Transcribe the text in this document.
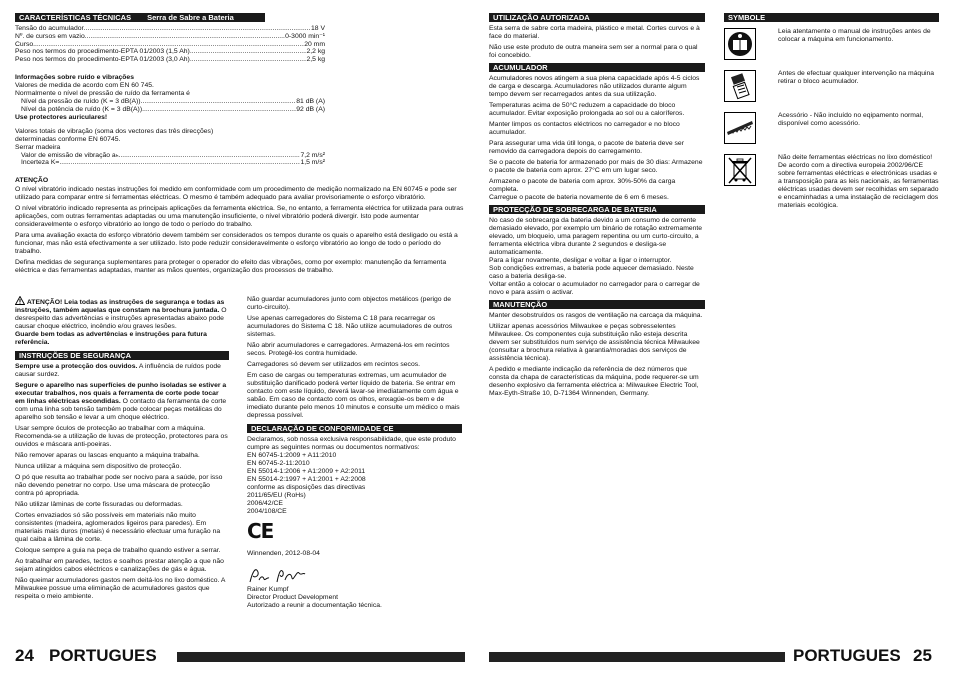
CARACTERÍSTICAS TÉCNICAS Serra de Sabre a Bateria
Tensão do acumulador .....	18 V
Nº. de cursos em vazio .....	0-3000 min⁻¹
Curso .....	20 mm
Peso nos termos do procedimento-EPTA 01/2003 (1,5 Ah) .....	2,2 kg
Peso nos termos do procedimento-EPTA 01/2003 (3,0 Ah) .....	2,5 kg
Informações sobre ruído e vibrações
Valores de medida de acordo com EN 60 745.
Normalmente o nível de pressão de ruído da ferramenta é
Nível da pressão de ruído (K = 3 dB(A)) .....	81 dB (A)
Nível da potência de ruído (K = 3 dB(A)) .....	92 dB (A)
Use protectores auriculares!
Valores totais de vibração (soma dos vectores das três direcções)
determinadas conforme EN 60745.
Serrar madeira
Valor de emissão de vibração aₕ .....	7,2 m/s²
Incerteza K= .....	1,5 m/s²

ATENÇÃO

O nível vibratório indicado nestas instruções foi medido em conformidade com um procedimento de medição normalizado na EN 60745 e pode ser utilizado para comparar entre si ferramentas eléctricas. O mesmo é também adequado para avaliar provisoriamente o esforço vibratório.

O nível vibratório indicado representa as principais aplicações da ferramenta eléctrica. Se, no entanto, a ferramenta eléctrica for utilizada para outras aplicações, com outras ferramentas adaptadas ou uma manutenção insuficiente, o nível vibratório poderá divergir. Isto pode aumentar consideravelmente o esforço vibratório ao longo de todo o período do trabalho.

Para uma avaliação exacta do esforço vibratório devem também ser considerados os tempos durante os quais o aparelho está desligado ou está a funcionar, mas não está efectivamente a ser utilizado. Isto pode reduzir consideravelmente o esforço vibratório ao longo de todo o período do trabalho.

Defina medidas de segurança suplementares para proteger o operador do efeito das vibrações, como por exemplo: manutenção da ferramenta eléctrica e das ferramentas adaptadas, manter as mãos quentes, organização dos processos de trabalho.

ATENÇÃO! Leia todas as instruções de segurança e todas as instruções, também aquelas que constam na brochura juntada. O desrespeito das advertências e instruções apresentadas abaixo pode causar choque eléctrico, incêndio e/ou graves lesões.
Guarde bem todas as advertências e instruções para futura referência.

INSTRUÇÕES DE SEGURANÇA

Sempre use a protecção dos ouvidos. A influência de ruídos pode causar surdez.

Segure o aparelho nas superfícies de punho isoladas se estiver a executar trabalhos, nos quais a ferramenta de corte pode tocar em linhas eléctricas escondidas. O contacto da ferramenta de corte com uma linha sob tensão também pode colocar peças metálicas do aparelho sob tensão e levar a um choque eléctrico.

Usar sempre óculos de protecção ao trabalhar com a máquina. Recomenda-se a utilização de luvas de protecção, protectores para os ouvidos e máscara anti-poeiras.

Não remover aparas ou lascas enquanto a máquina trabalha.

Nunca utilizar a máquina sem dispositivo de protecção.

O pó que resulta ao trabalhar pode ser nocivo para a saúde, por isso não devendo penetrar no corpo. Use uma máscara de protecção contra pó apropriada.

Não utilizar lâminas de corte fissuradas ou deformadas.

Cortes envaziados só são possíveis em materiais não muito consistentes (madeira, aglomerados ligeiros para paredes). Em materiais mais duros (metais) é necessário efectuar uma furação na qual caiba a lâmina de corte.

Coloque sempre a guia na peça de trabalho quando estiver a serrar.

Ao trabalhar em paredes, tectos e soalhos prestar atenção a que não sejam atingidos cabos eléctricos e canalizações de gás e água.

Não queimar acumuladores gastos nem deitá-los no lixo doméstico. A Milwaukee possue uma eliminação de acumuladores gastos que respeita o meio ambiente.

Não guardar acumuladores junto com objectos metálicos (perigo de curto-circuito).

Use apenas carregadores do Sistema C 18 para recarregar os acumuladores do Sistema C 18. Não utilize acumuladores de outros sistemas.

Não abrir acumuladores e carregadores. Armazená-los em recintos secos. Protegê-los contra humidade.

Carregadores só devem ser utilizados em recintos secos.

Em caso de cargas ou temperaturas extremas, um acumulador de substituição danificado poderá verter líquido de bateria. Se entrar em contacto com este líquido, deverá lavar-se imediatamente com água e sabão. Em caso de contacto com os olhos, enxagúe-os bem e de imediato durante pelo menos 10 minutos e consulte um médico o mais depressa possível.

DECLARAÇÃO DE CONFORMIDADE CE
Declaramos, sob nossa exclusiva responsabilidade, que este produto cumpre as seguintes normas ou documentos normativos:
EN 60745-1:2009 + A11:2010
EN 60745-2-11:2010
EN 55014-1:2006 + A1:2009 + A2:2011
EN 55014-2:1997 + A1:2001 + A2:2008
conforme as disposições das directivas
2011/65/EU (RoHs)
2006/42/CE
2004/108/CE
CE
Winnenden, 2012-08-04
Rainer Kumpf
Director Product Development
Autorizado a reunir a documentação técnica.
24 PORTUGUES
UTILIZAÇÃO AUTORIZADA

Esta serra de sabre corta madeira, plástico e metal. Cortes curvos e à face do material.

Não use este produto de outra maneira sem ser a normal para o qual foi concebido.

ACUMULADOR

Acumuladores novos atingem a sua plena capacidade após 4-5 ciclos de carga e descarga. Acumuladores não utilizados durante algum tempo devem ser recarregados antes da sua utilização.

Temperaturas acima de 50°C reduzem a capacidade do bloco acumulador. Evitar exposição prolongada ao sol ou a caloríferos.

Manter limpos os contactos eléctricos no carregador e no bloco acumulador.

Para assegurar uma vida útil longa, o pacote de bateria deve ser removido da carregadora depois do carregamento.

Se o pacote de bateria for armazenado por mais de 30 dias: Armazene o pacote de bateria com aprox. 27°C em um lugar seco.

Armazene o pacote de bateria com aprox. 30%-50% da carga completa.

Carregue o pacote de bateria novamente de 6 em 6 meses.

PROTECÇÃO DE SOBRECARGA DE BATERIA

No caso de sobrecarga da bateria devido a um consumo de corrente demasiado elevado, por exemplo um binário de rotação extremamente elevado, um bloqueio, uma paragem repentina ou um curto-circuito, a ferramenta eléctrica vibra durante 2 segundos e desliga-se automaticamente.

Para a ligar novamente, desligar e voltar a ligar o interruptor.

Sob condições extremas, a bateria pode aquecer demasiado. Neste caso a bateria desliga-se.

Voltar então a colocar o acumulador no carregador para o carregar de novo e para assim o activar.

MANUTENÇÃO

Manter desobstruídos os rasgos de ventilação na carcaça da máquina.

Utilizar apenas acessórios Milwaukee e peças sobresselentes Milwaukee. Os componentes cuja substituição não esteja descrita devem ser substituídos num serviço de assistência técnica Milwaukee (consultar a brochura relativa à garantia/moradas dos serviços de assistência técnica).

A pedido e mediante indicação da referência de dez números que consta da chapa de características da máquina, pode requerer-se um desenho explosivo da ferramenta eléctrica a: Milwaukee Electric Tool, Max-Eyth-Straße 10, D-71364 Winnenden, Germany.

SYMBOLE
Leia atentamente o manual de instruções antes de colocar a máquina em funcionamento.
Antes de efectuar qualquer intervenção na máquina retirar o bloco acumulador.
Acessório - Não incluído no eqipamento normal, disponível como acessório.
Não deite ferramentas eléctricas no lixo doméstico! De acordo com a directiva europeia 2002/96/CE sobre ferramentas eléctricas e electrónicas usadas e a transposição para as leis nacionais, as ferramentas eléctricas usadas devem ser recolhidas em separado e encaminhadas a uma instalação de reciclagem dos materiais ecológica.
PORTUGUES 25
